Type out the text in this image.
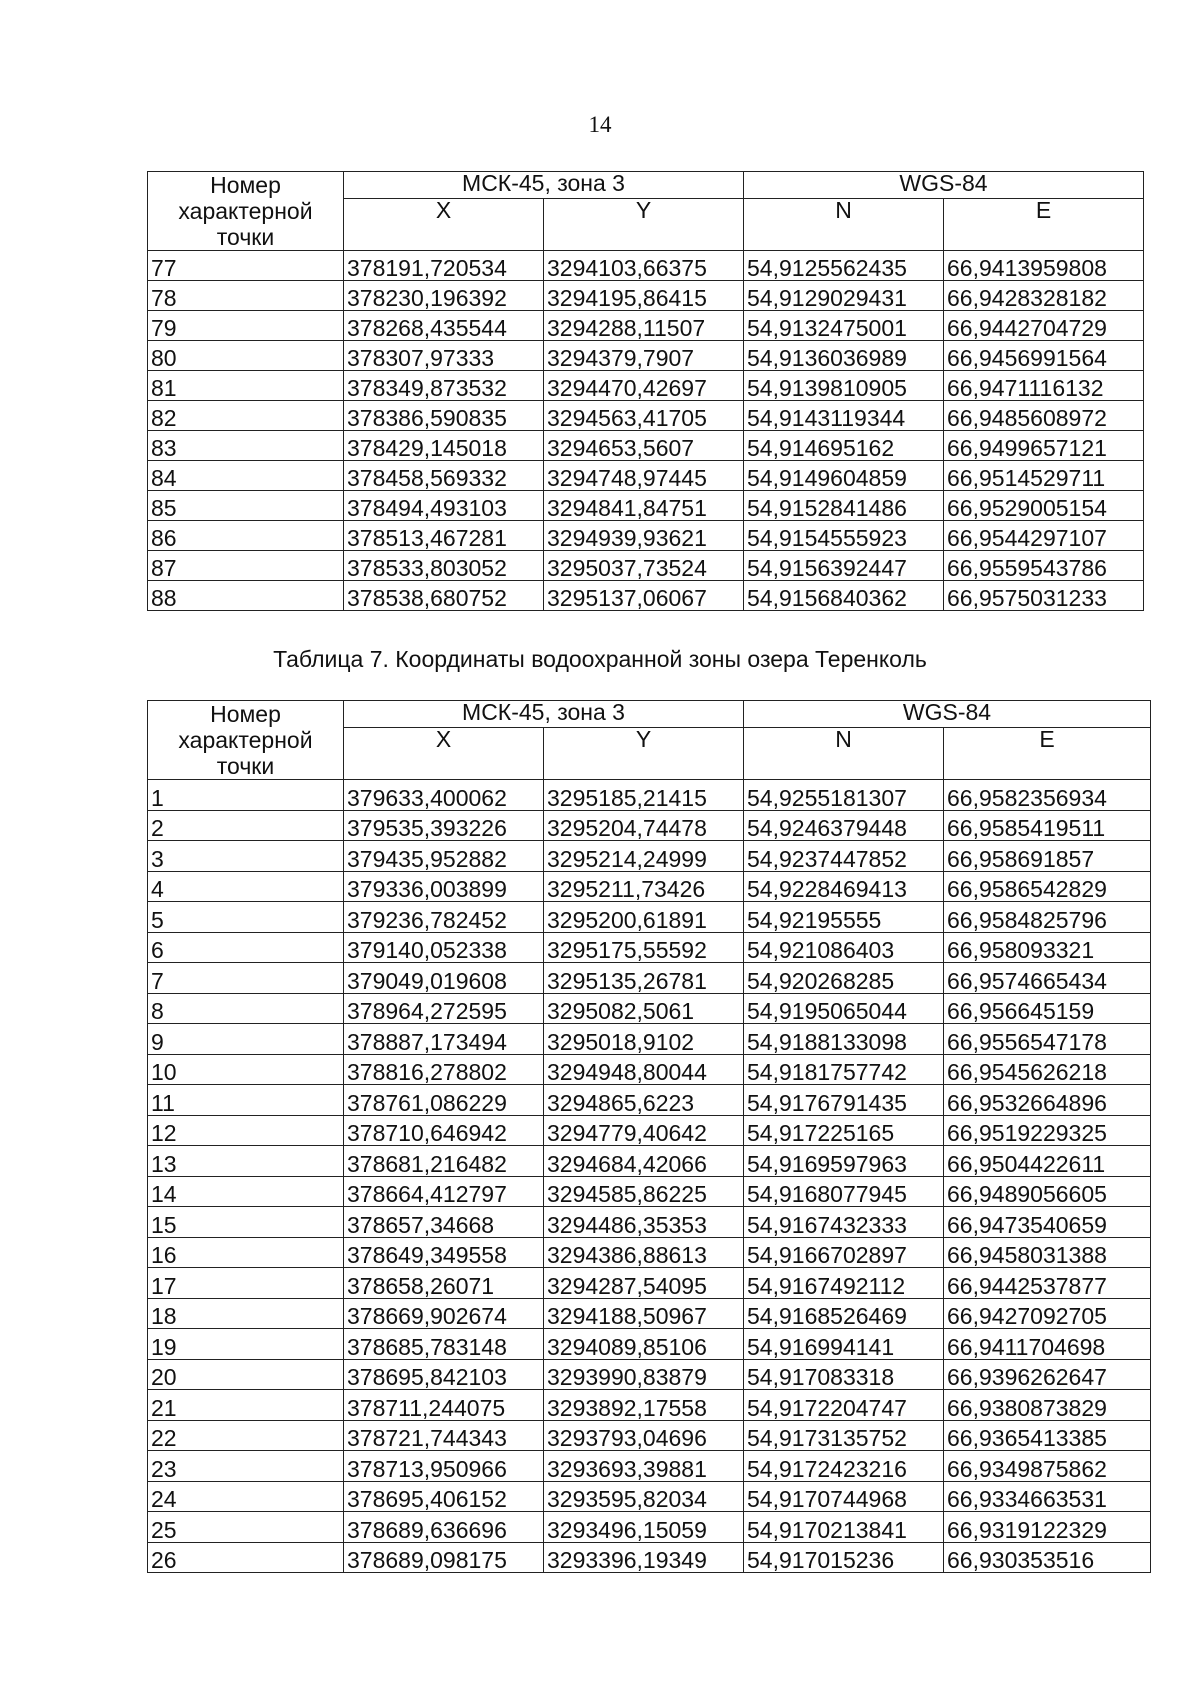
14
Номер характерной точки	МСК-45, зона 3		WGS-84	
	X	Y	N	E

77	378191,720534	3294103,66375	54,9125562435	66,9413959808
78	378230,196392	3294195,86415	54,9129029431	66,9428328182
79	378268,435544	3294288,11507	54,9132475001	66,9442704729
80	378307,97333	3294379,7907	54,9136036989	66,9456991564
81	378349,873532	3294470,42697	54,9139810905	66,9471116132
82	378386,590835	3294563,41705	54,9143119344	66,9485608972
83	378429,145018	3294653,5607	54,914695162	66,9499657121
84	378458,569332	3294748,97445	54,9149604859	66,9514529711
85	378494,493103	3294841,84751	54,9152841486	66,9529005154
86	378513,467281	3294939,93621	54,9154555923	66,9544297107
87	378533,803052	3295037,73524	54,9156392447	66,9559543786
88	378538,680752	3295137,06067	54,9156840362	66,9575031233
Таблица 7. Координаты водоохранной зоны озера Теренколь
Номер характерной точки	МСК-45, зона 3		WGS-84	
	X	Y	N	E

1	379633,400062	3295185,21415	54,9255181307	66,9582356934
2	379535,393226	3295204,74478	54,9246379448	66,9585419511
3	379435,952882	3295214,24999	54,9237447852	66,958691857
4	379336,003899	3295211,73426	54,9228469413	66,9586542829
5	379236,782452	3295200,61891	54,92195555	66,9584825796
6	379140,052338	3295175,55592	54,921086403	66,958093321
7	379049,019608	3295135,26781	54,920268285	66,9574665434
8	378964,272595	3295082,5061	54,9195065044	66,956645159
9	378887,173494	3295018,9102	54,9188133098	66,9556547178
10	378816,278802	3294948,80044	54,9181757742	66,9545626218
11	378761,086229	3294865,6223	54,9176791435	66,9532664896
12	378710,646942	3294779,40642	54,917225165	66,9519229325
13	378681,216482	3294684,42066	54,9169597963	66,9504422611
14	378664,412797	3294585,86225	54,9168077945	66,9489056605
15	378657,34668	3294486,35353	54,9167432333	66,9473540659
16	378649,349558	3294386,88613	54,9166702897	66,9458031388
17	378658,26071	3294287,54095	54,9167492112	66,9442537877
18	378669,902674	3294188,50967	54,9168526469	66,9427092705
19	378685,783148	3294089,85106	54,916994141	66,9411704698
20	378695,842103	3293990,83879	54,917083318	66,9396262647
21	378711,244075	3293892,17558	54,9172204747	66,9380873829
22	378721,744343	3293793,04696	54,9173135752	66,9365413385
23	378713,950966	3293693,39881	54,9172423216	66,9349875862
24	378695,406152	3293595,82034	54,9170744968	66,9334663531
25	378689,636696	3293496,15059	54,9170213841	66,9319122329
26	378689,098175	3293396,19349	54,917015236	66,930353516
